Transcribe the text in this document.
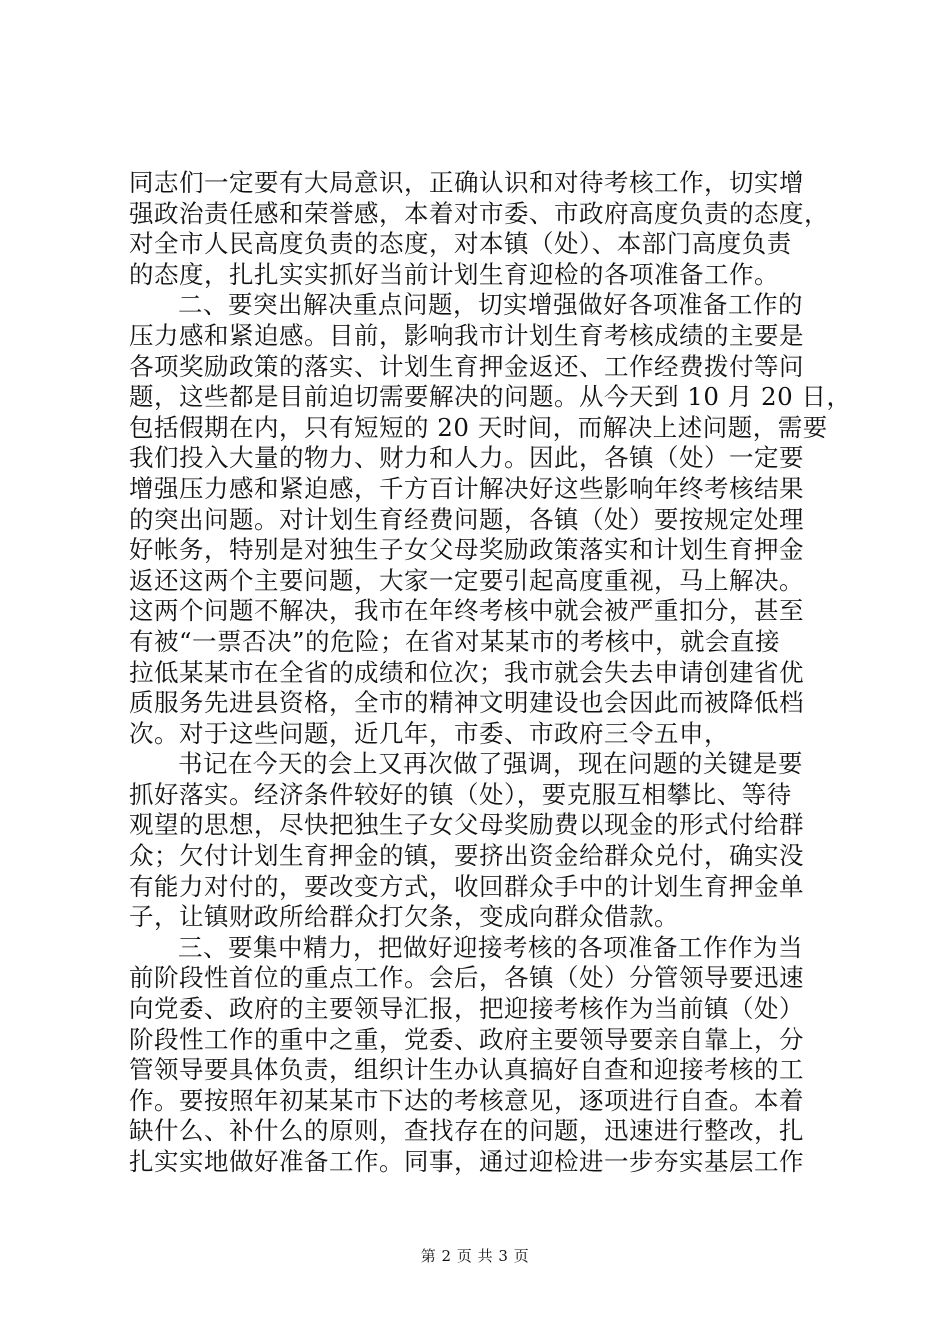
同志们一定要有大局意识，正确认识和对待考核工作，切实增
强政治责任感和荣誉感，本着对市委、市政府高度负责的态度，
对全市人民高度负责的态度，对本镇（处）、本部门高度负责
的态度，扎扎实实抓好当前计划生育迎检的各项准备工作。
二、要突出解决重点问题，切实增强做好各项准备工作的
压力感和紧迫感。目前，影响我市计划生育考核成绩的主要是
各项奖励政策的落实、计划生育押金返还、工作经费拨付等问
题，这些都是目前迫切需要解决的问题。从今天到 10 月 20 日，
包括假期在内，只有短短的 20 天时间，而解决上述问题，需要
我们投入大量的物力、财力和人力。因此，各镇（处）一定要
增强压力感和紧迫感，千方百计解决好这些影响年终考核结果
的突出问题。对计划生育经费问题，各镇（处）要按规定处理
好帐务，特别是对独生子女父母奖励政策落实和计划生育押金
返还这两个主要问题，大家一定要引起高度重视，马上解决。
这两个问题不解决，我市在年终考核中就会被严重扣分，甚至
有被“一票否决”的危险；在省对某某市的考核中，就会直接
拉低某某市在全省的成绩和位次；我市就会失去申请创建省优
质服务先进县资格，全市的精神文明建设也会因此而被降低档
次。对于这些问题，近几年，市委、市政府三令五申，
书记在今天的会上又再次做了强调，现在问题的关键是要
抓好落实。经济条件较好的镇（处），要克服互相攀比、等待
观望的思想，尽快把独生子女父母奖励费以现金的形式付给群
众；欠付计划生育押金的镇，要挤出资金给群众兑付，确实没
有能力对付的，要改变方式，收回群众手中的计划生育押金单
子，让镇财政所给群众打欠条，变成向群众借款。
三、要集中精力，把做好迎接考核的各项准备工作作为当
前阶段性首位的重点工作。会后，各镇（处）分管领导要迅速
向党委、政府的主要领导汇报，把迎接考核作为当前镇（处）
阶段性工作的重中之重，党委、政府主要领导要亲自靠上，分
管领导要具体负责，组织计生办认真搞好自查和迎接考核的工
作。要按照年初某某市下达的考核意见，逐项进行自查。本着
缺什么、补什么的原则，查找存在的问题，迅速进行整改，扎
扎实实地做好准备工作。同事，通过迎检进一步夯实基层工作
第 2 页 共 3 页
